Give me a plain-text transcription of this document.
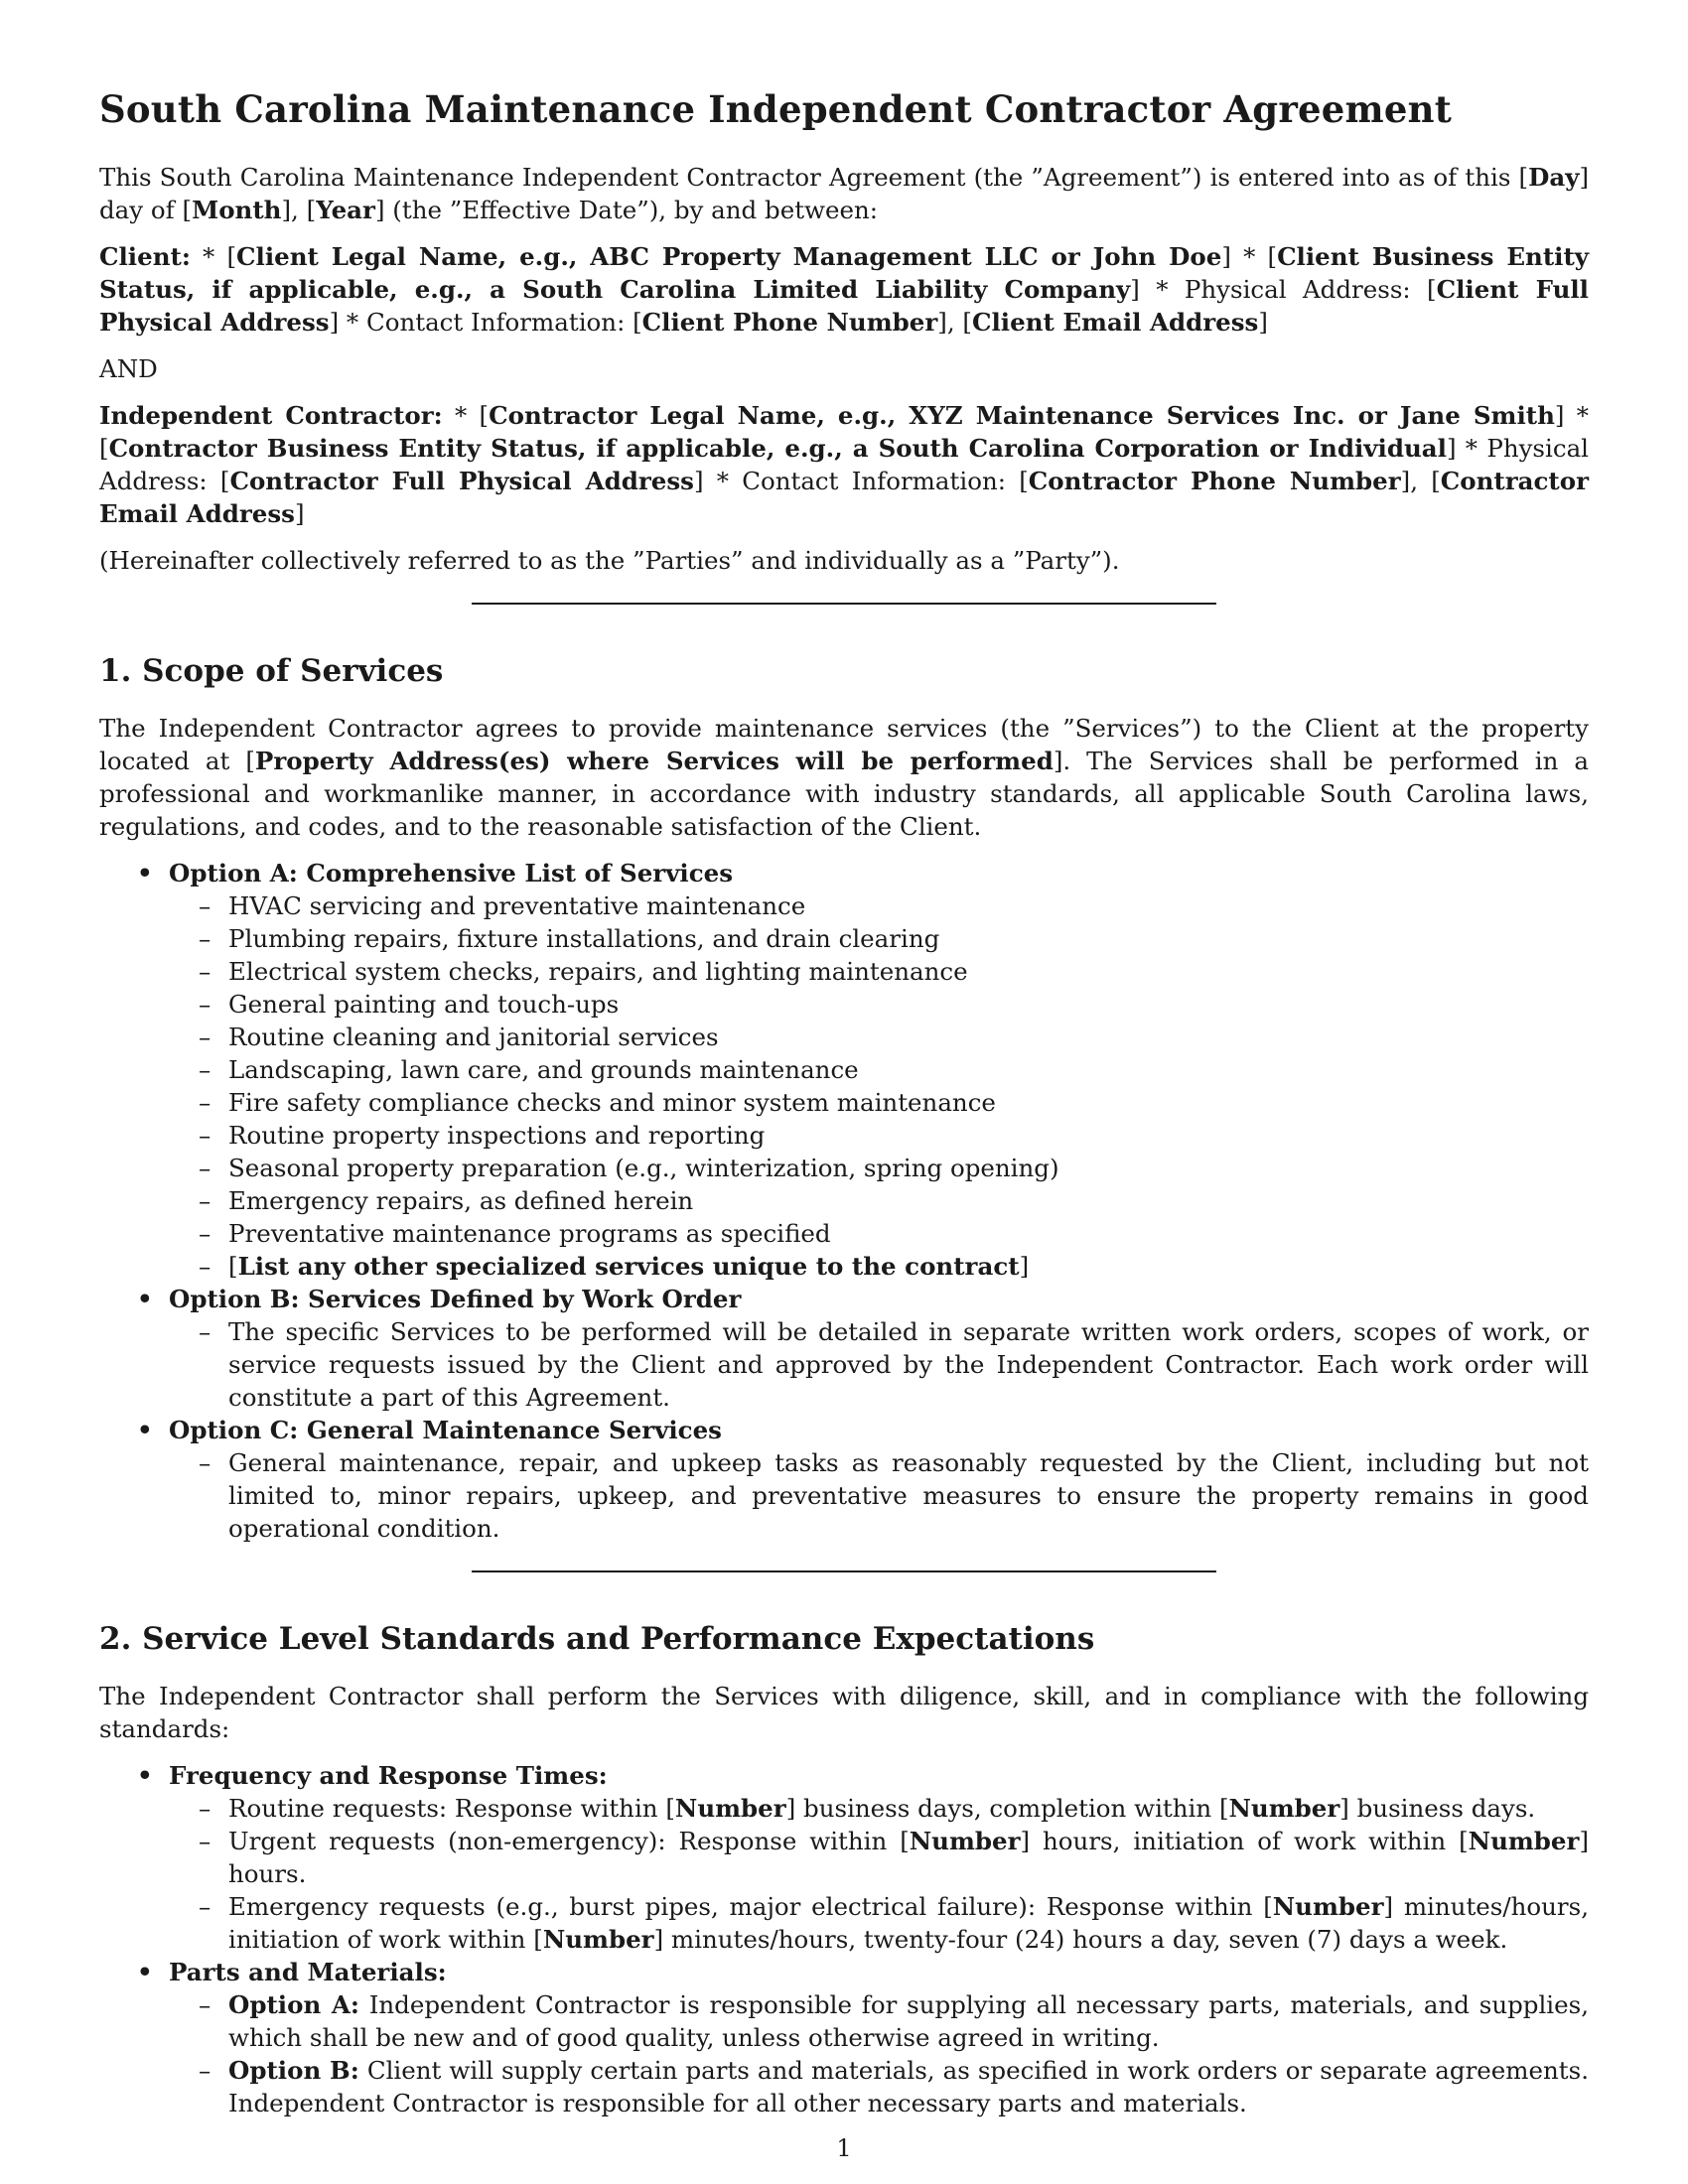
South Carolina Maintenance Independent Contractor Agreement

This South Carolina Maintenance Independent Contractor Agreement (the ”Agreement”) is entered into as of this [Day] day of [Month], [Year] (the ”Effective Date”), by and between:

Client: * [Client Legal Name, e.g., ABC Property Management LLC or John Doe] * [Client Business Entity Status, if applicable, e.g., a South Carolina Limited Liability Company] * Physical Address: [Client Full Physical Address] * Contact Information: [Client Phone Number], [Client Email Address]

AND

Independent Contractor: * [Contractor Legal Name, e.g., XYZ Maintenance Services Inc. or Jane Smith] * [Contractor Business Entity Status, if applicable, e.g., a South Carolina Corporation or Individual] * Physical Address: [Contractor Full Physical Address] * Contact Information: [Contractor Phone Number], [Contractor Email Address]

(Hereinafter collectively referred to as the ”Parties” and individually as a ”Party”).

1. Scope of Services

The Independent Contractor agrees to provide maintenance services (the ”Services”) to the Client at the property located at [Property Address(es) where Services will be performed]. The Services shall be performed in a professional and workmanlike manner, in accordance with industry standards, all applicable South Carolina laws, regulations, and codes, and to the reasonable satisfaction of the Client.

• Option A: Comprehensive List of Services
– HVAC servicing and preventative maintenance
– Plumbing repairs, fixture installations, and drain clearing
– Electrical system checks, repairs, and lighting maintenance
– General painting and touch-ups
– Routine cleaning and janitorial services
– Landscaping, lawn care, and grounds maintenance
– Fire safety compliance checks and minor system maintenance
– Routine property inspections and reporting
– Seasonal property preparation (e.g., winterization, spring opening)
– Emergency repairs, as defined herein
– Preventative maintenance programs as specified
– [List any other specialized services unique to the contract]
• Option B: Services Defined by Work Order
– The specific Services to be performed will be detailed in separate written work orders, scopes of work, or service requests issued by the Client and approved by the Independent Contractor. Each work order will constitute a part of this Agreement.
• Option C: General Maintenance Services
– General maintenance, repair, and upkeep tasks as reasonably requested by the Client, including but not limited to, minor repairs, upkeep, and preventative measures to ensure the property remains in good operational condition.
2. Service Level Standards and Performance Expectations

The Independent Contractor shall perform the Services with diligence, skill, and in compliance with the following standards:

• Frequency and Response Times:
– Routine requests: Response within [Number] business days, completion within [Number] business days.
– Urgent requests (non-emergency): Response within [Number] hours, initiation of work within [Number] hours.
– Emergency requests (e.g., burst pipes, major electrical failure): Response within [Number] minutes/hours, initiation of work within [Number] minutes/hours, twenty-four (24) hours a day, seven (7) days a week.
• Parts and Materials:
– Option A: Independent Contractor is responsible for supplying all necessary parts, materials, and supplies, which shall be new and of good quality, unless otherwise agreed in writing.
– Option B: Client will supply certain parts and materials, as specified in work orders or separate agreements. Independent Contractor is responsible for all other necessary parts and materials.
1
